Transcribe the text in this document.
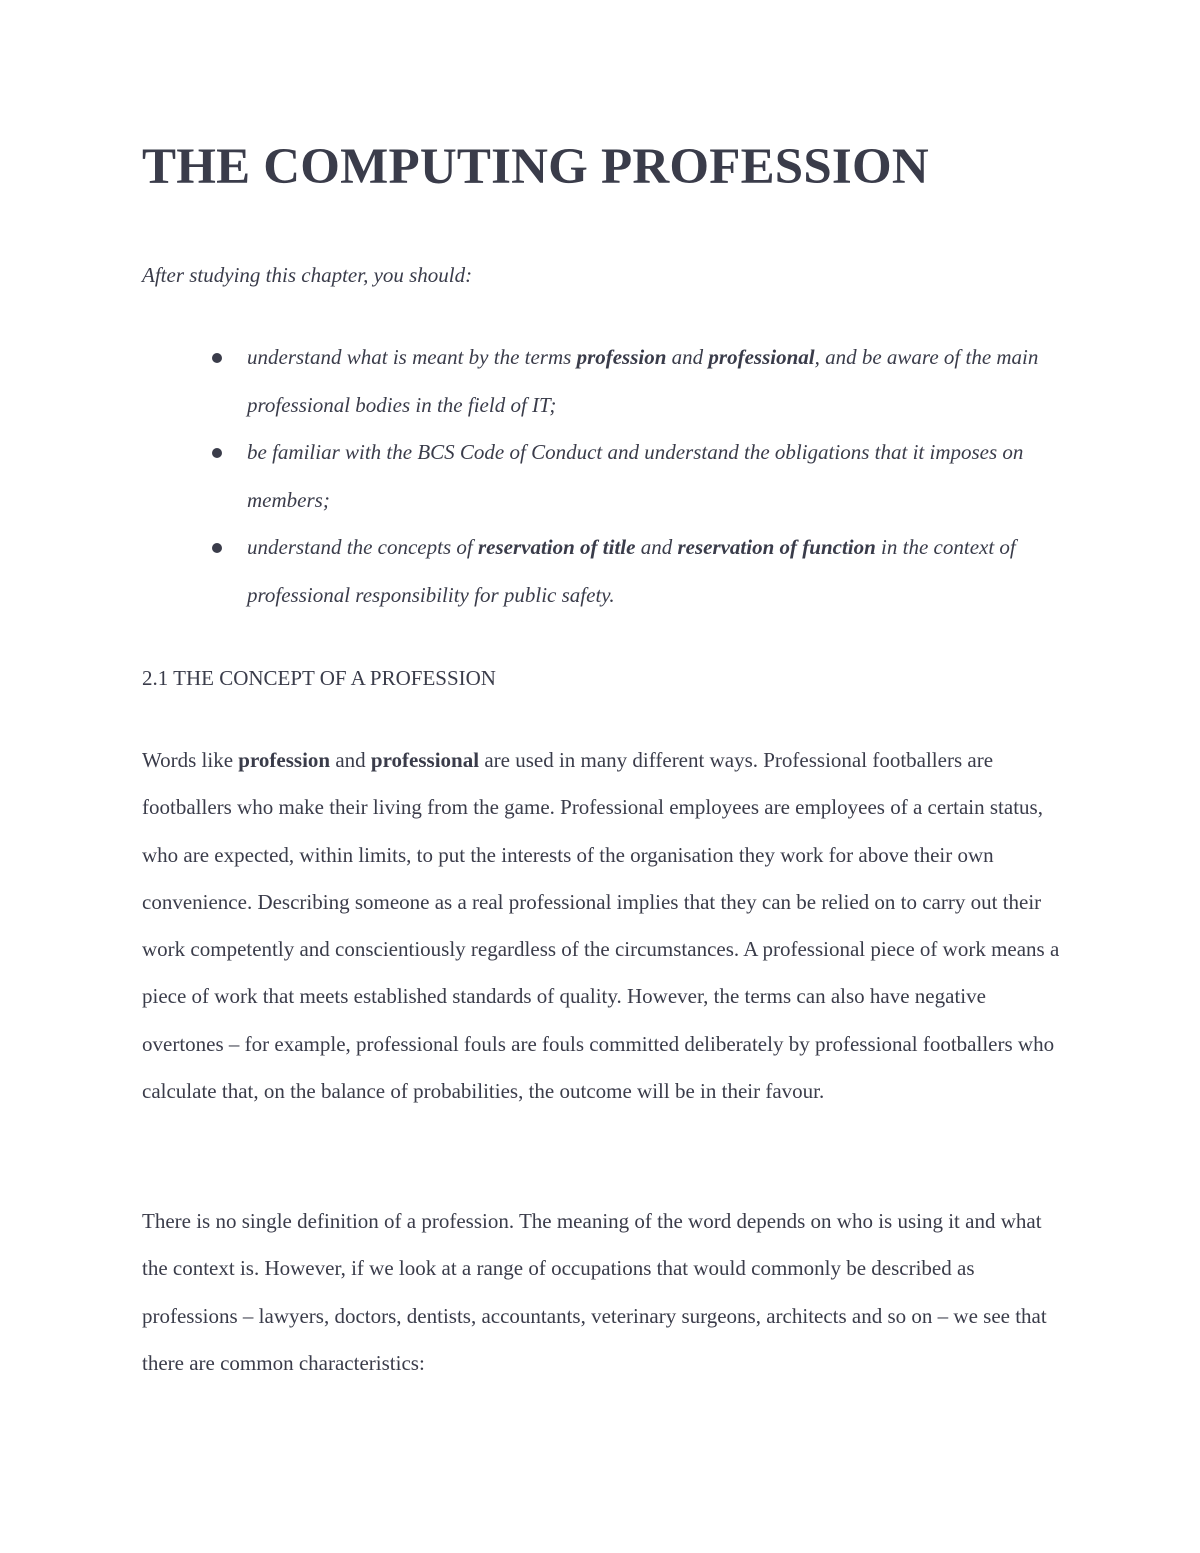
THE COMPUTING PROFESSION

After studying this chapter, you should:

understand what is meant by the terms profession and professional, and be aware of the main professional bodies in the field of IT;
be familiar with the BCS Code of Conduct and understand the obligations that it imposes on members;
understand the concepts of reservation of title and reservation of function in the context of professional responsibility for public safety.
2.1 THE CONCEPT OF A PROFESSION

Words like profession and professional are used in many different ways. Professional footballers are footballers who make their living from the game. Professional employees are employees of a certain status, who are expected, within limits, to put the interests of the organisation they work for above their own convenience. Describing someone as a real professional implies that they can be relied on to carry out their work competently and conscientiously regardless of the circumstances. A professional piece of work means a piece of work that meets established standards of quality. However, the terms can also have negative overtones – for example, professional fouls are fouls committed deliberately by professional footballers who calculate that, on the balance of probabilities, the outcome will be in their favour.

There is no single definition of a profession. The meaning of the word depends on who is using it and what the context is. However, if we look at a range of occupations that would commonly be described as professions – lawyers, doctors, dentists, accountants, veterinary surgeons, architects and so on – we see that there are common characteristics:
